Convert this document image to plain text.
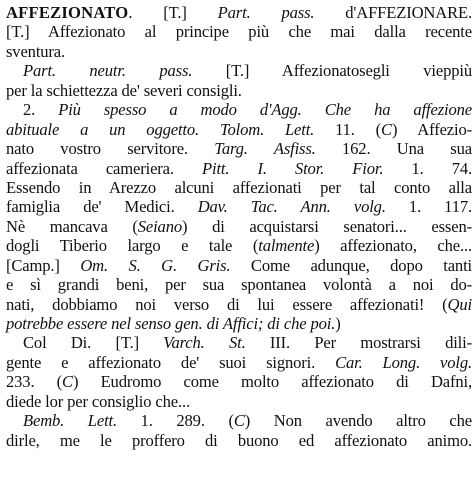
AFFEZIONATO. [T.] Part. pass. d'AFFEZIONARE.
[T.] Affezionato al principe più che mai dalla recente
sventura.
Part. neutr. pass. [T.] Affezionatosegli vieppiù
per la schiettezza de' severi consigli.
2. Più spesso a modo d'Agg. Che ha affezione
abituale a un oggetto. Tolom. Lett. 11. (C) Affezio-
nato vostro servitore. Targ. Asfiss. 162. Una sua
affezionata cameriera. Pitt. I. Stor. Fior. 1. 74.
Essendo in Arezzo alcuni affezionati per tal conto alla
famiglia de' Medici. Dav. Tac. Ann. volg. 1. 117.
Nè mancava (Seiano) di acquistarsi senatori... essen-
dogli Tiberio largo e tale (talmente) affezionato, che...
[Camp.] Om. S. G. Gris. Come adunque, dopo tanti
e sì grandi beni, per sua spontanea volontà a noi do-
nati, dobbiamo noi verso di lui essere affezionati! (Qui
potrebbe essere nel senso gen. di Affici; di che poi.)
Col Di. [T.] Varch. St. III. Per mostrarsi dili-
gente e affezionato de' suoi signori. Car. Long. volg.
233. (C) Eudromo come molto affezionato di Dafni,
diede lor per consiglio che...
Bemb. Lett. 1. 289. (C) Non avendo altro che
dirle, me le proffero di buono ed affezionato animo.
